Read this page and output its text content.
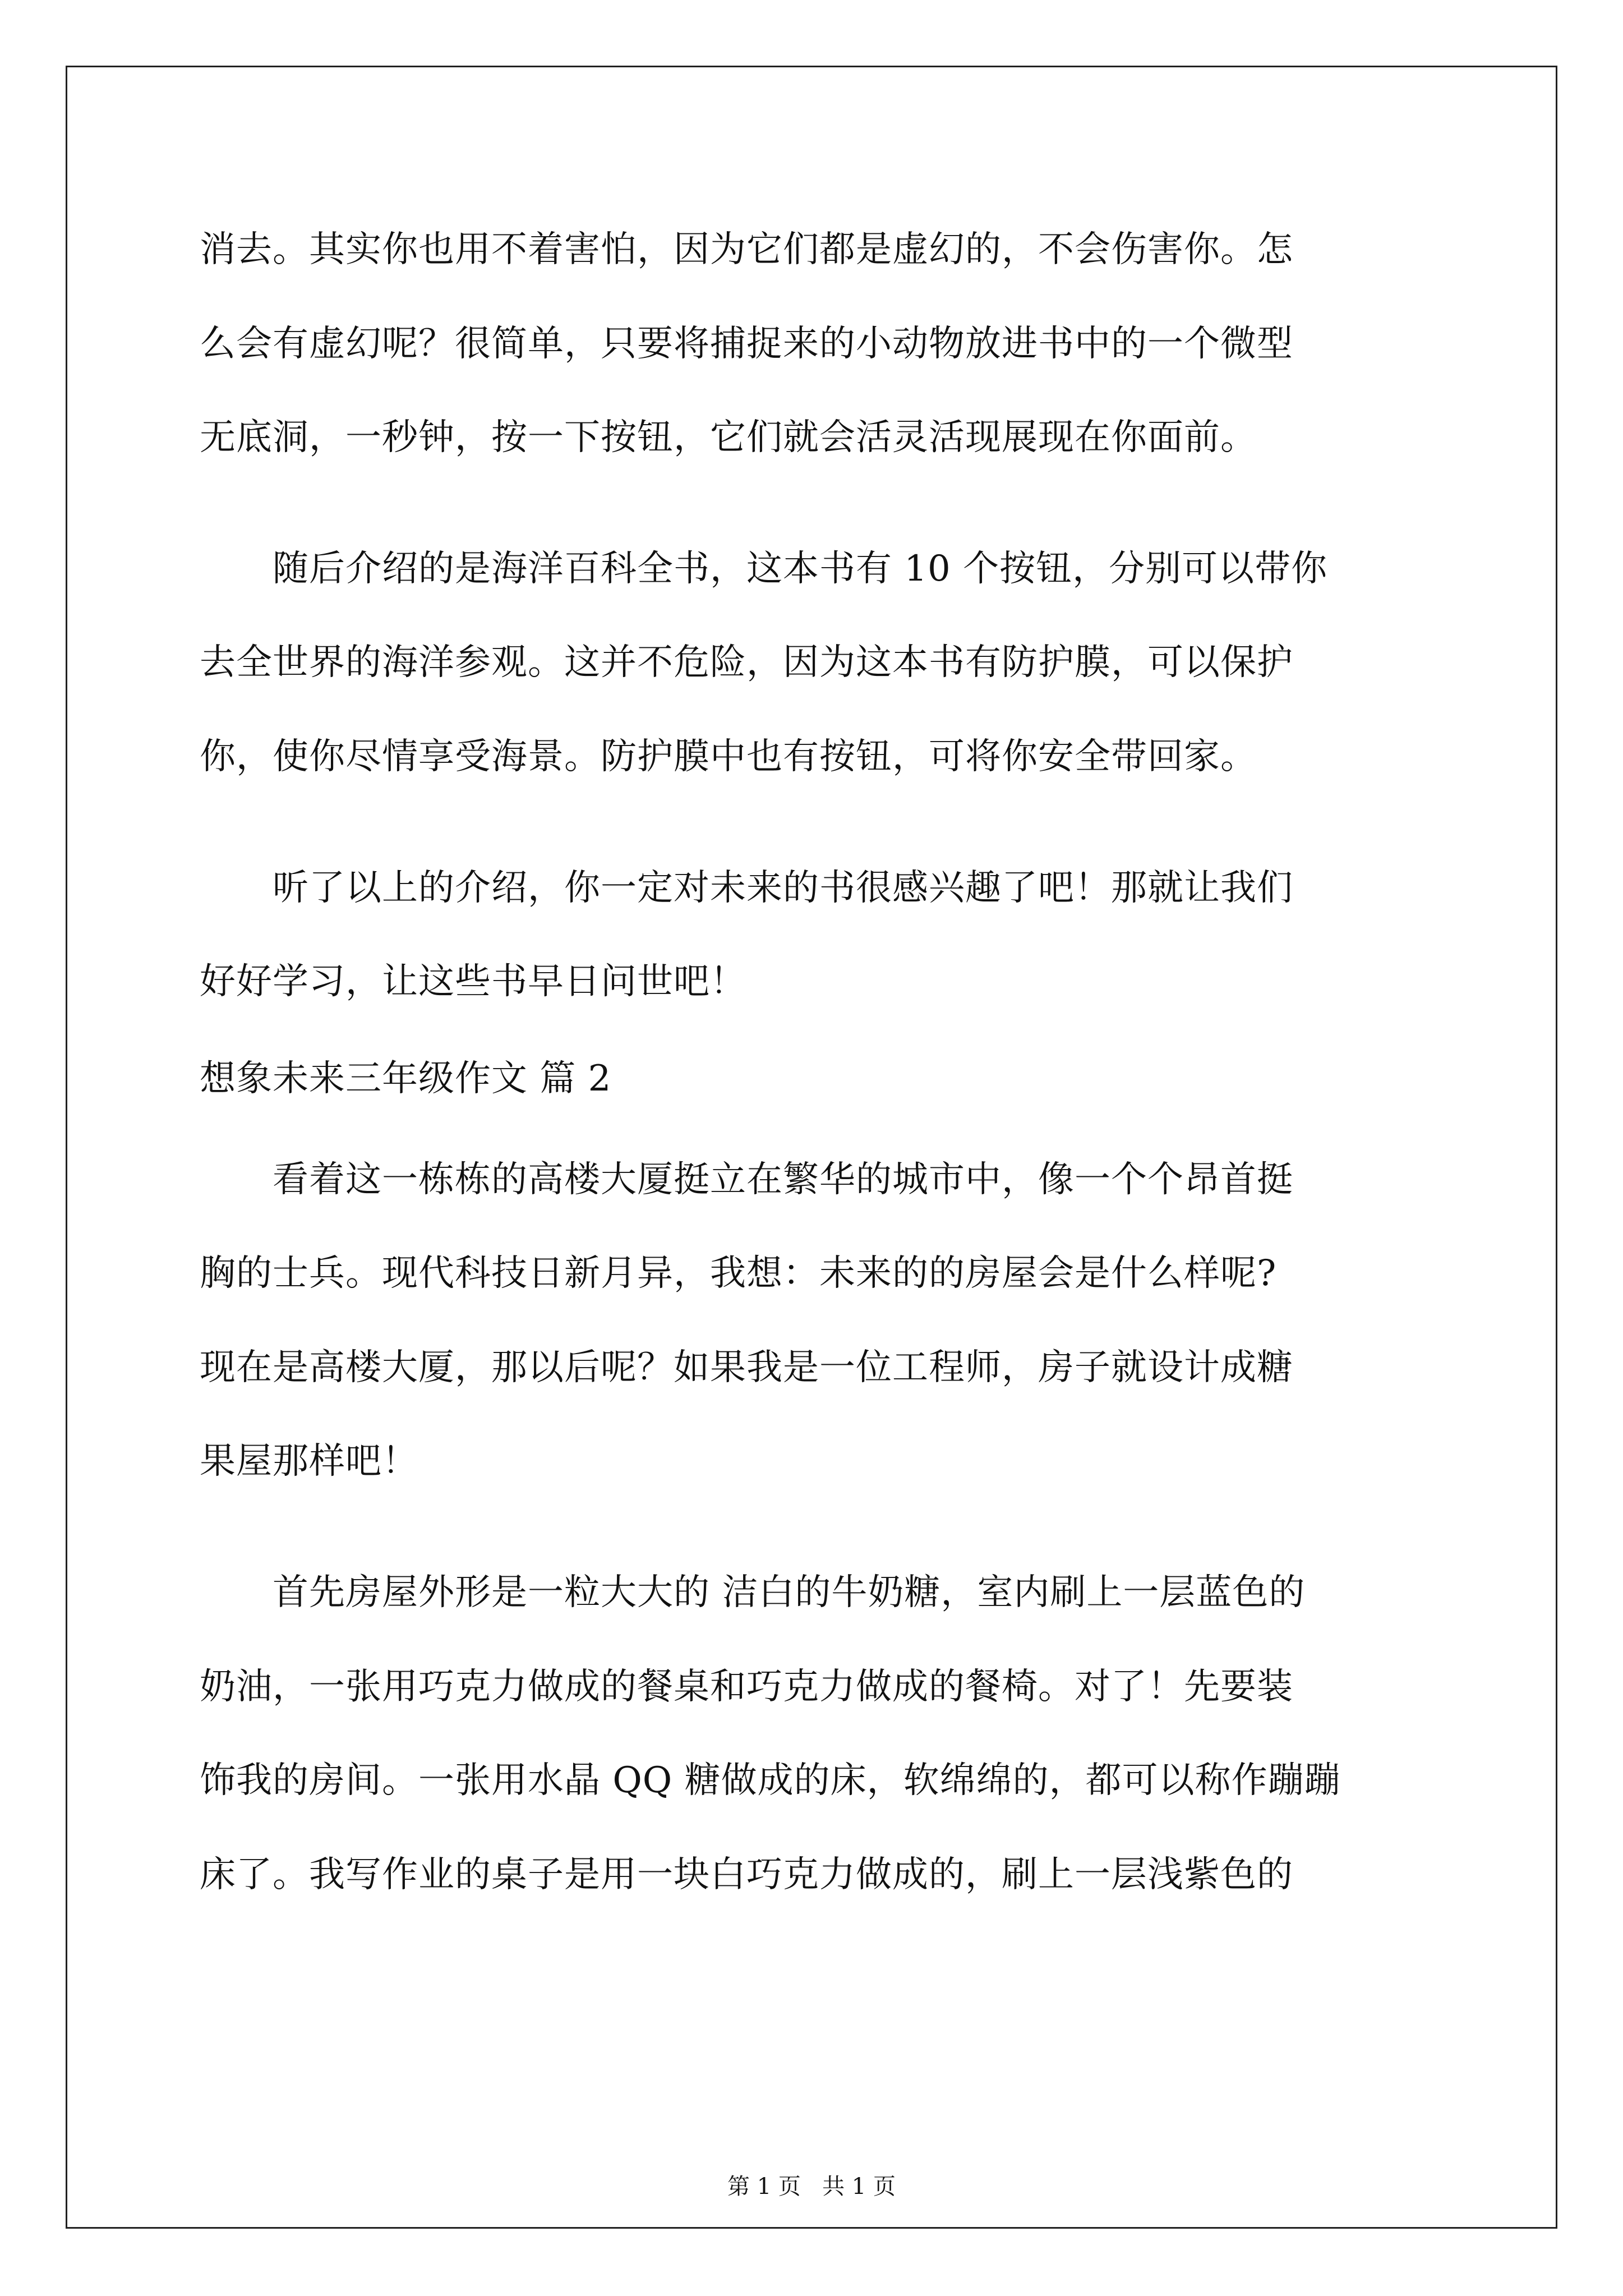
消去。其实你也用不着害怕，因为它们都是虚幻的，不会伤害你。怎
么会有虚幻呢？很简单，只要将捕捉来的小动物放进书中的一个微型
无底洞，一秒钟，按一下按钮，它们就会活灵活现展现在你面前。
　　随后介绍的是海洋百科全书，这本书有 10 个按钮，分别可以带你
去全世界的海洋参观。这并不危险，因为这本书有防护膜，可以保护
你，使你尽情享受海景。防护膜中也有按钮，可将你安全带回家。
　　听了以上的介绍，你一定对未来的书很感兴趣了吧！那就让我们
好好学习，让这些书早日问世吧！
想象未来三年级作文 篇 2
　　看着这一栋栋的高楼大厦挺立在繁华的城市中，像一个个昂首挺
胸的士兵。现代科技日新月异，我想：未来的的房屋会是什么样呢?
现在是高楼大厦，那以后呢？如果我是一位工程师，房子就设计成糖
果屋那样吧！
　　首先房屋外形是一粒大大的 洁白的牛奶糖，室内刷上一层蓝色的
奶油，一张用巧克力做成的餐桌和巧克力做成的餐椅。对了！先要装
饰我的房间。一张用水晶 QQ 糖做成的床，软绵绵的，都可以称作蹦蹦
床了。我写作业的桌子是用一块白巧克力做成的，刷上一层浅紫色的
第 1 页   共 1 页
